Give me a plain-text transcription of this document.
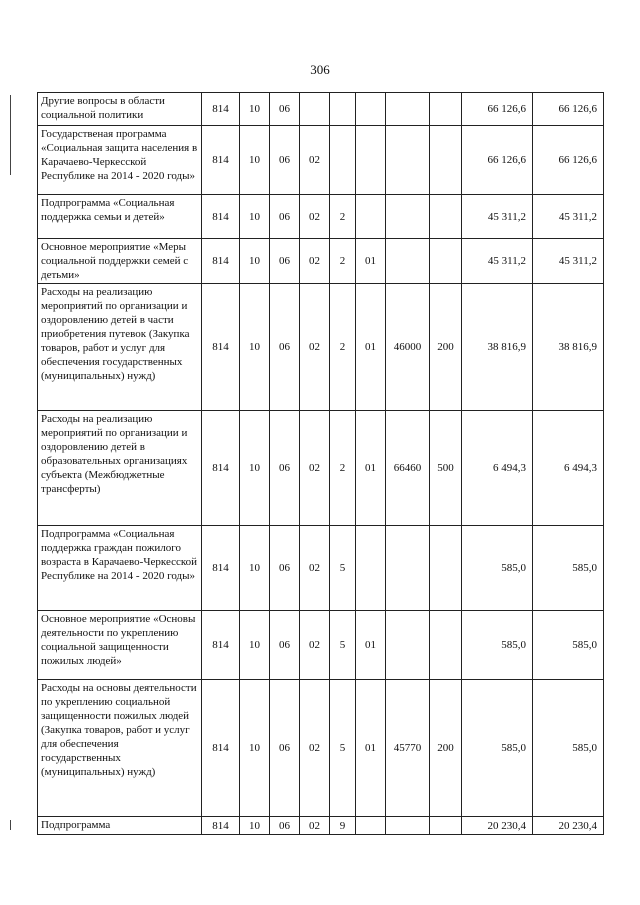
306
Другие вопросы в области социальной политики	814	10	06						66 126,6	66 126,6
Государственая программа «Социальная защита населения в Карачаево-Черкесской Республике на 2014 - 2020 годы»	814	10	06	02					66 126,6	66 126,6
Подпрограмма «Социальная поддержка семьи и детей»	814	10	06	02	2				45 311,2	45 311,2
Основное мероприятие «Меры социальной поддержки семей с детьми»	814	10	06	02	2	01			45 311,2	45 311,2
Расходы на реализацию мероприятий по организации и оздоровлению детей в части приобретения путевок (Закупка товаров, работ и услуг для обеспечения государственных (муниципальных) нужд)	814	10	06	02	2	01	46000	200	38 816,9	38 816,9
Расходы на реализацию мероприятий по организации и оздоровлению детей в образовательных организациях субъекта (Межбюджетные трансферты)	814	10	06	02	2	01	66460	500	6 494,3	6 494,3
Подпрограмма «Социальная поддержка граждан пожилого возраста в Карачаево-Черкесской Республике на 2014 - 2020 годы»	814	10	06	02	5				585,0	585,0
Основное мероприятие «Основы деятельности по укреплению социальной защищенности пожилых людей»	814	10	06	02	5	01			585,0	585,0
Расходы на основы деятельности по укреплению социальной защищенности пожилых людей (Закупка товаров, работ и услуг для обеспечения государственных (муниципальных) нужд)	814	10	06	02	5	01	45770	200	585,0	585,0
Подпрограмма	814	10	06	02	9				20 230,4	20 230,4
